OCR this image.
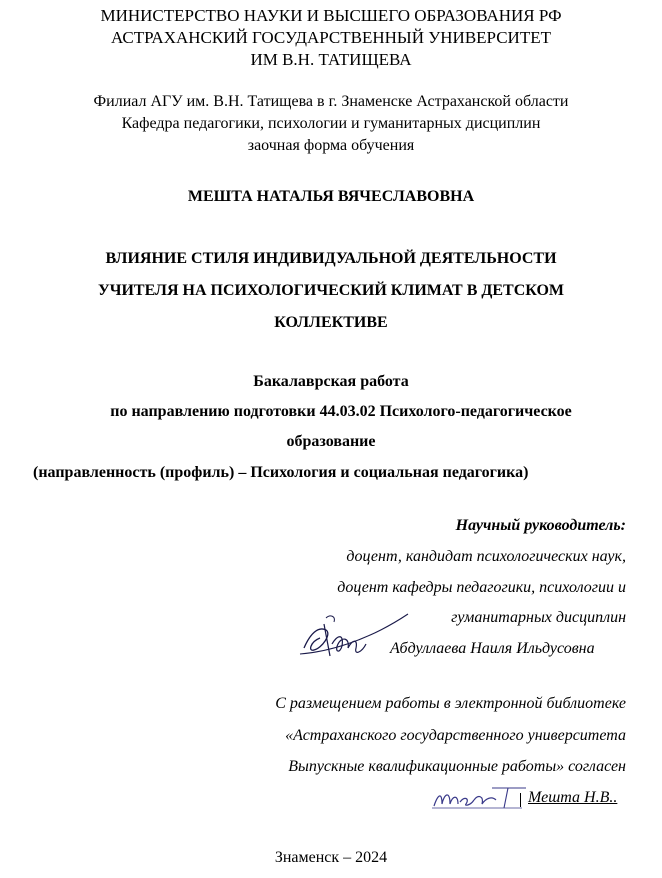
МИНИСТЕРСТВО НАУКИ И ВЫСШЕГО ОБРАЗОВАНИЯ РФ
АСТРАХАНСКИЙ ГОСУДАРСТВЕННЫЙ УНИВЕРСИТЕТ
ИМ В.Н. ТАТИЩЕВА
Филиал АГУ им. В.Н. Татищева в г. Знаменске Астраханской области
Кафедра педагогики, психологии и гуманитарных дисциплин
заочная форма обучения
МЕШТА НАТАЛЬЯ ВЯЧЕСЛАВОВНА
ВЛИЯНИЕ СТИЛЯ ИНДИВИДУАЛЬНОЙ ДЕЯТЕЛЬНОСТИ
УЧИТЕЛЯ НА ПСИХОЛОГИЧЕСКИЙ КЛИМАТ В ДЕТСКОМ
КОЛЛЕКТИВЕ
Бакалаврская работа
по направлению подготовки 44.03.02 Психолого-педагогическое
образование
(направленность (профиль) – Психология и социальная педагогика)
Научный руководитель:
доцент, кандидат психологических наук,
доцент кафедры педагогики, психологии и
гуманитарных дисциплин
Абдуллаева Наиля Ильдусовна
С размещением работы в электронной библиотеке
«Астраханского государственного университета
Выпускные квалификационные работы» согласен
Мешта Н.В..
Знаменск – 2024
